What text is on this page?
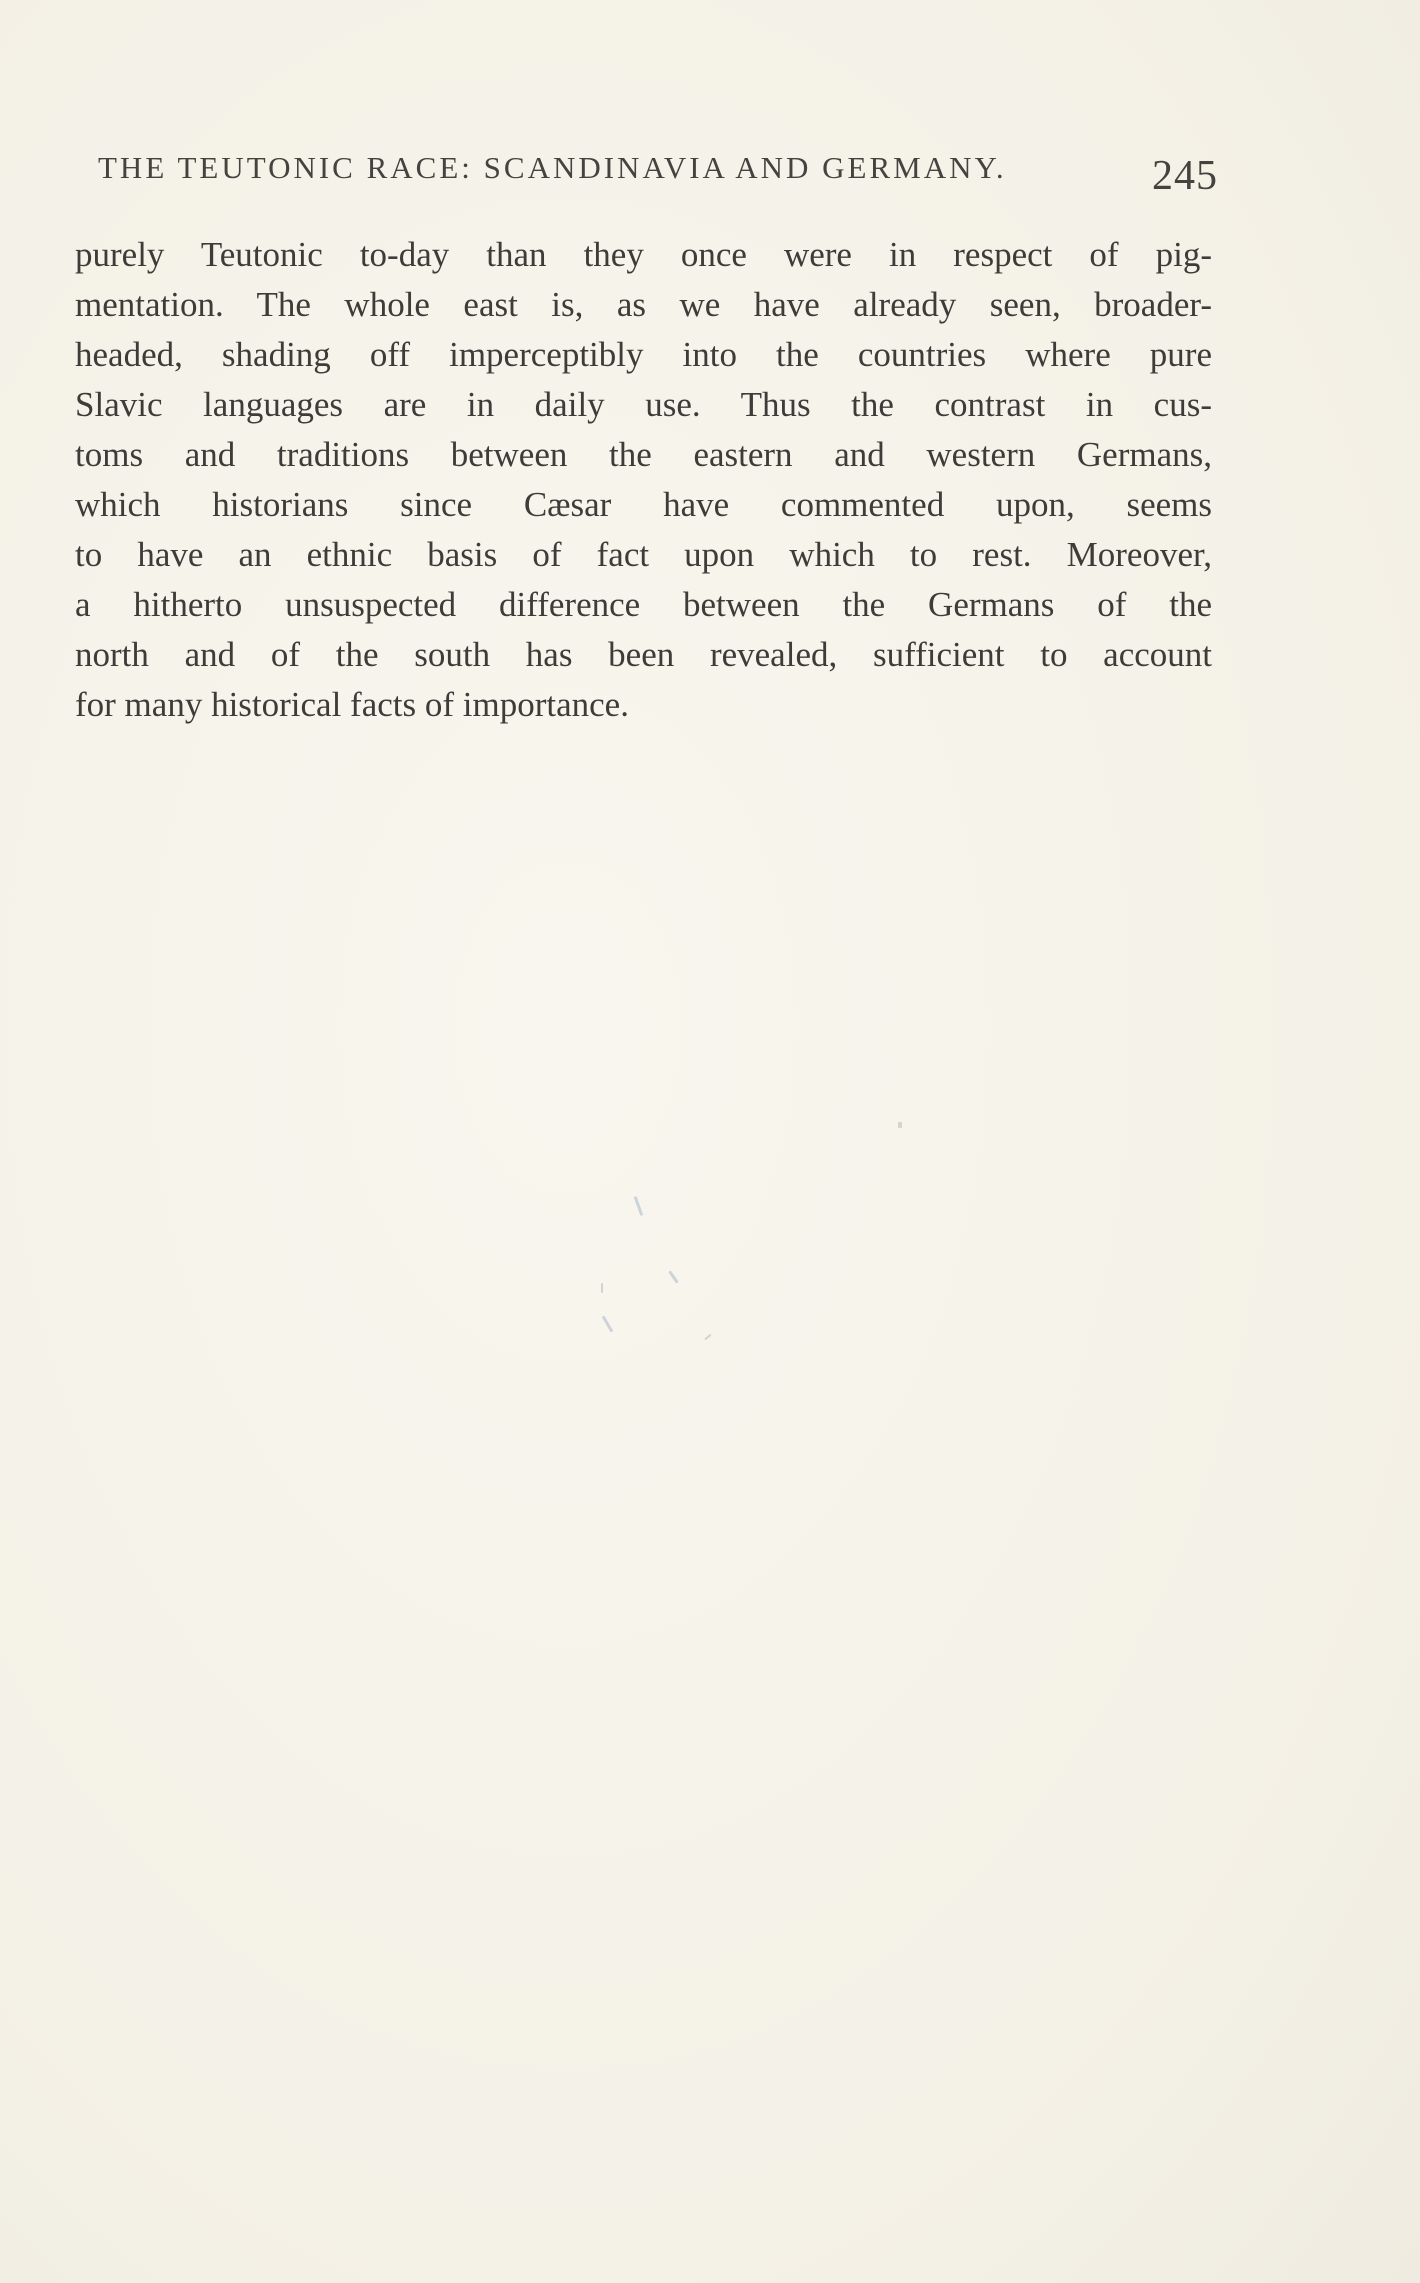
THE TEUTONIC RACE: SCANDINAVIA AND GERMANY.	245

purely Teutonic to-day than they once were in respect of pig-
mentation. The whole east is, as we have already seen, broader-
headed, shading off imperceptibly into the countries where pure
Slavic languages are in daily use. Thus the contrast in cus-
toms and traditions between the eastern and western Germans,
which historians since Cæsar have commented upon, seems
to have an ethnic basis of fact upon which to rest. Moreover,
a hitherto unsuspected difference between the Germans of the
north and of the south has been revealed, sufficient to account
for many historical facts of importance.
